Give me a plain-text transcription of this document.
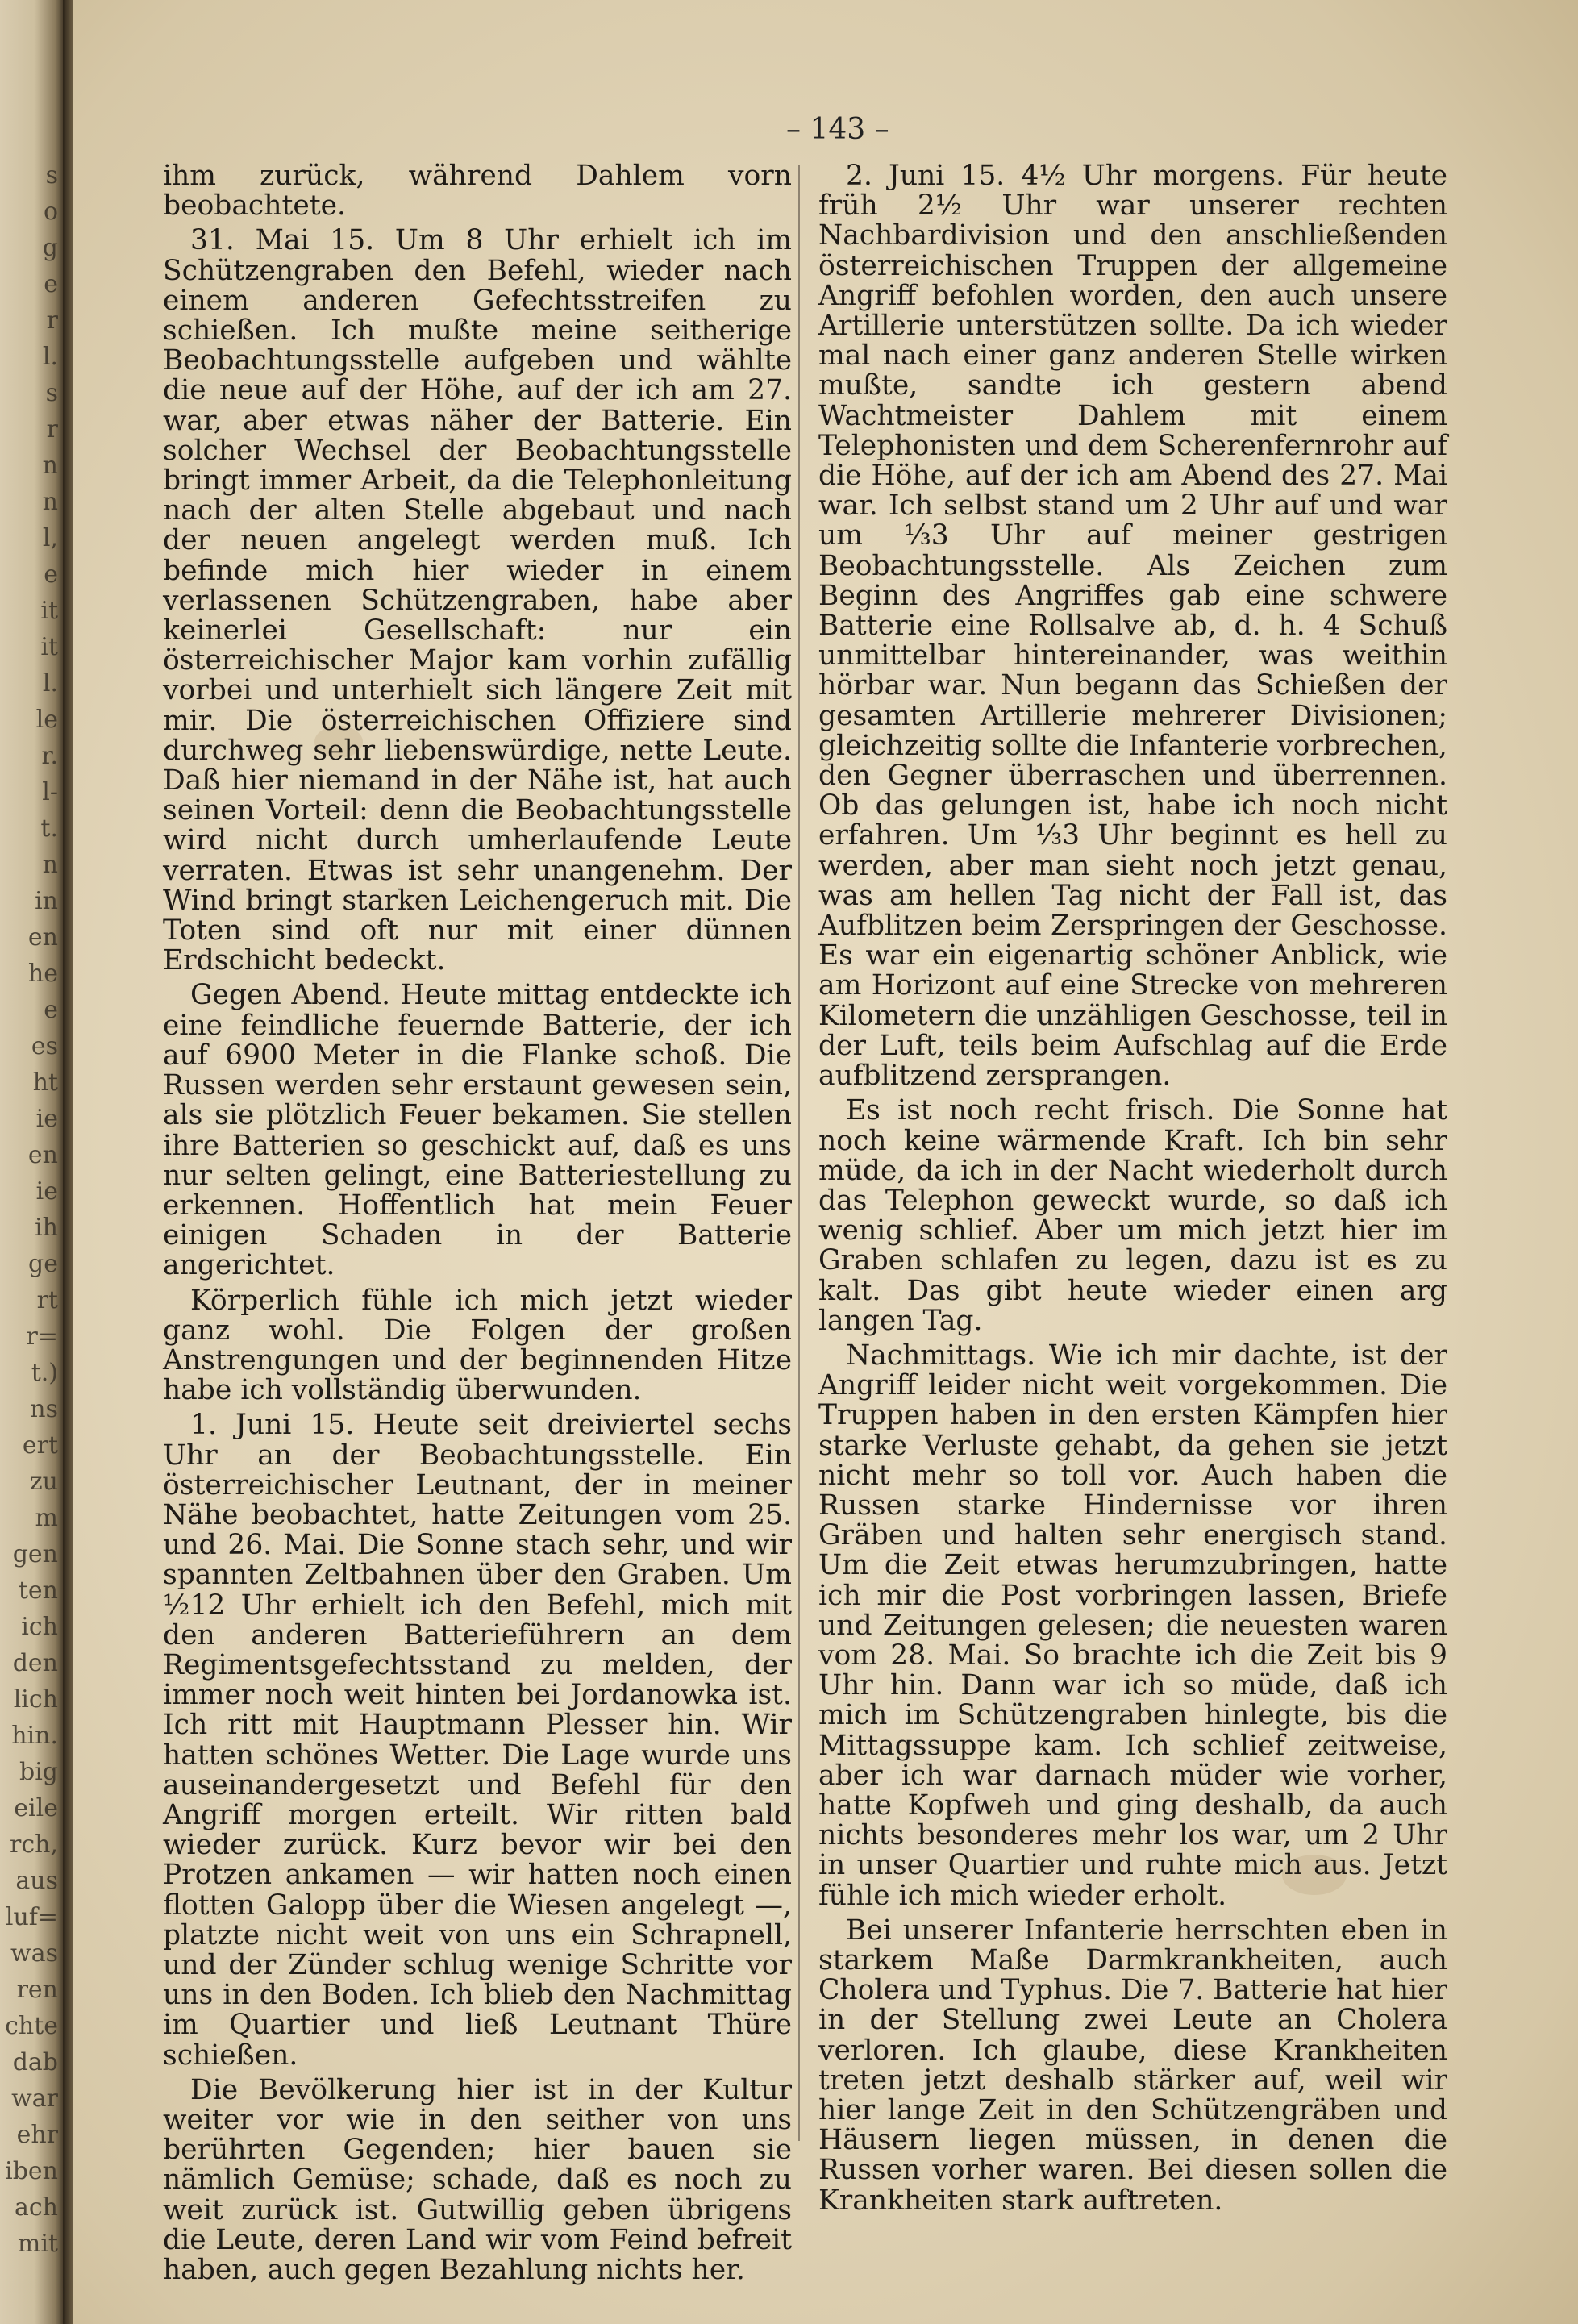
s
o
g
e
r
l.
s
r
n
n
l,
e
it
it
l.
le
r.
l-
t.
n
in
en
he
e
es
ht
ie
en
ie
ih
ge
rt
r=
t.)
ns
ert
zu
m
gen
ten
ich
den
lich
hin.
big
eile
rch,
aus
luf=
was
ren
chte
dab
war
ehr
iben
ach
mit
– 143 –

ihm zurück, während Dahlem vorn beobachtete.

31. Mai 15. Um 8 Uhr erhielt ich im Schützengraben den Befehl, wieder nach einem anderen Gefechtsstreifen zu schießen. Ich mußte meine seitherige Beobachtungsstelle aufgeben und wählte die neue auf der Höhe, auf der ich am 27. war, aber etwas näher der Batterie. Ein solcher Wechsel der Beobachtungsstelle bringt immer Arbeit, da die Telephonleitung nach der alten Stelle abgebaut und nach der neuen angelegt werden muß. Ich befinde mich hier wieder in einem verlassenen Schützengraben, habe aber keinerlei Gesellschaft: nur ein österreichischer Major kam vorhin zufällig vorbei und unterhielt sich längere Zeit mit mir. Die österreichischen Offiziere sind durchweg sehr liebenswürdige, nette Leute. Daß hier niemand in der Nähe ist, hat auch seinen Vorteil: denn die Beobachtungsstelle wird nicht durch umherlaufende Leute verraten. Etwas ist sehr unangenehm. Der Wind bringt starken Leichengeruch mit. Die Toten sind oft nur mit einer dünnen Erdschicht bedeckt.

Gegen Abend. Heute mittag entdeckte ich eine feindliche feuernde Batterie, der ich auf 6900 Meter in die Flanke schoß. Die Russen werden sehr erstaunt gewesen sein, als sie plötzlich Feuer bekamen. Sie stellen ihre Batterien so geschickt auf, daß es uns nur selten gelingt, eine Batteriestellung zu erkennen. Hoffentlich hat mein Feuer einigen Schaden in der Batterie angerichtet.

Körperlich fühle ich mich jetzt wieder ganz wohl. Die Folgen der großen Anstrengungen und der beginnenden Hitze habe ich vollständig überwunden.

1. Juni 15. Heute seit dreiviertel sechs Uhr an der Beobachtungsstelle. Ein österreichischer Leutnant, der in meiner Nähe beobachtet, hatte Zeitungen vom 25. und 26. Mai. Die Sonne stach sehr, und wir spannten Zeltbahnen über den Graben. Um ½12 Uhr erhielt ich den Befehl, mich mit den anderen Batterieführern an dem Regimentsgefechtsstand zu melden, der immer noch weit hinten bei Jordanowka ist. Ich ritt mit Hauptmann Plesser hin. Wir hatten schönes Wetter. Die Lage wurde uns auseinandergesetzt und Befehl für den Angriff morgen erteilt. Wir ritten bald wieder zurück. Kurz bevor wir bei den Protzen ankamen — wir hatten noch einen flotten Galopp über die Wiesen angelegt —, platzte nicht weit von uns ein Schrapnell, und der Zünder schlug wenige Schritte vor uns in den Boden. Ich blieb den Nachmittag im Quartier und ließ Leutnant Thüre schießen.

Die Bevölkerung hier ist in der Kultur weiter vor wie in den seither von uns berührten Gegenden; hier bauen sie nämlich Gemüse; schade, daß es noch zu weit zurück ist. Gutwillig geben übrigens die Leute, deren Land wir vom Feind befreit haben, auch gegen Bezahlung nichts her.

2. Juni 15. 4½ Uhr morgens. Für heute früh 2½ Uhr war unserer rechten Nachbardivision und den anschließenden österreichischen Truppen der allgemeine Angriff befohlen worden, den auch unsere Artillerie unterstützen sollte. Da ich wieder mal nach einer ganz anderen Stelle wirken mußte, sandte ich gestern abend Wachtmeister Dahlem mit einem Telephonisten und dem Scherenfernrohr auf die Höhe, auf der ich am Abend des 27. Mai war. Ich selbst stand um 2 Uhr auf und war um ⅓3 Uhr auf meiner gestrigen Beobachtungsstelle. Als Zeichen zum Beginn des Angriffes gab eine schwere Batterie eine Rollsalve ab, d. h. 4 Schuß unmittelbar hintereinander, was weithin hörbar war. Nun begann das Schießen der gesamten Artillerie mehrerer Divisionen; gleichzeitig sollte die Infanterie vorbrechen, den Gegner überraschen und überrennen. Ob das gelungen ist, habe ich noch nicht erfahren. Um ⅓3 Uhr beginnt es hell zu werden, aber man sieht noch jetzt genau, was am hellen Tag nicht der Fall ist, das Aufblitzen beim Zerspringen der Geschosse. Es war ein eigenartig schöner Anblick, wie am Horizont auf eine Strecke von mehreren Kilometern die unzähligen Geschosse, teil in der Luft, teils beim Aufschlag auf die Erde aufblitzend zersprangen.

Es ist noch recht frisch. Die Sonne hat noch keine wärmende Kraft. Ich bin sehr müde, da ich in der Nacht wiederholt durch das Telephon geweckt wurde, so daß ich wenig schlief. Aber um mich jetzt hier im Graben schlafen zu legen, dazu ist es zu kalt. Das gibt heute wieder einen arg langen Tag.

Nachmittags. Wie ich mir dachte, ist der Angriff leider nicht weit vorgekommen. Die Truppen haben in den ersten Kämpfen hier starke Verluste gehabt, da gehen sie jetzt nicht mehr so toll vor. Auch haben die Russen starke Hindernisse vor ihren Gräben und halten sehr energisch stand. Um die Zeit etwas herumzubringen, hatte ich mir die Post vorbringen lassen, Briefe und Zeitungen gelesen; die neuesten waren vom 28. Mai. So brachte ich die Zeit bis 9 Uhr hin. Dann war ich so müde, daß ich mich im Schützengraben hinlegte, bis die Mittagssuppe kam. Ich schlief zeitweise, aber ich war darnach müder wie vorher, hatte Kopfweh und ging deshalb, da auch nichts besonderes mehr los war, um 2 Uhr in unser Quartier und ruhte mich aus. Jetzt fühle ich mich wieder erholt.

Bei unserer Infanterie herrschten eben in starkem Maße Darmkrankheiten, auch Cholera und Typhus. Die 7. Batterie hat hier in der Stellung zwei Leute an Cholera verloren. Ich glaube, diese Krankheiten treten jetzt deshalb stärker auf, weil wir hier lange Zeit in den Schützengräben und Häusern liegen müssen, in denen die Russen vorher waren. Bei diesen sollen die Krankheiten stark auftreten.
